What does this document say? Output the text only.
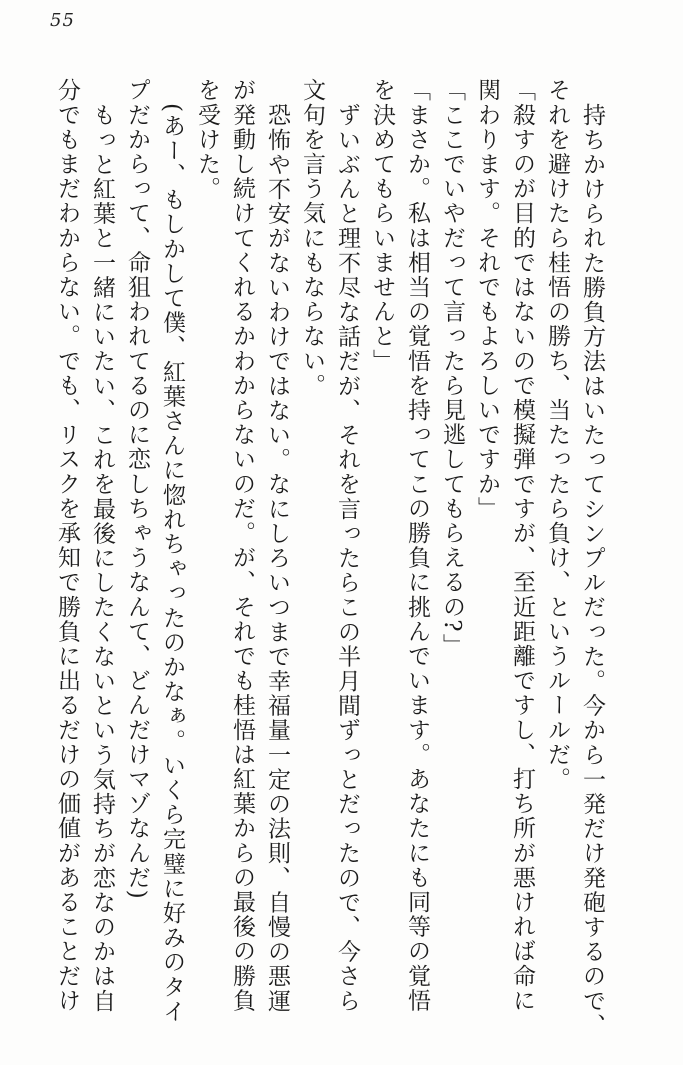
55
持ちかけられた勝負方法はいたってシンプルだった。今から一発だけ発砲するので、
それを避けたら桂悟の勝ち、当たったら負け、というルールだ。
「殺すのが目的ではないので模擬弾ですが、至近距離ですし、打ち所が悪ければ命に
関わります。それでもよろしいですか」
「ここでいやだって言ったら見逃してもらえるの?」
「まさか。私は相当の覚悟を持ってこの勝負に挑んでいます。あなたにも同等の覚悟
を決めてもらいませんと」
ずいぶんと理不尽な話だが、それを言ったらこの半月間ずっとだったので、今さら
文句を言う気にもならない。
恐怖や不安がないわけではない。なにしろいつまで幸福量一定の法則、自慢の悪運
が発動し続けてくれるかわからないのだ。が、それでも桂悟は紅葉からの最後の勝負
を受けた。
(あー、もしかして僕、紅葉さんに惚れちゃったのかなぁ。いくら完璧に好みのタイ
プだからって、命狙われてるのに恋しちゃうなんて、どんだけマゾなんだ)
もっと紅葉と一緒にいたい、これを最後にしたくないという気持ちが恋なのかは自
分でもまだわからない。でも、リスクを承知で勝負に出るだけの価値があることだけ
